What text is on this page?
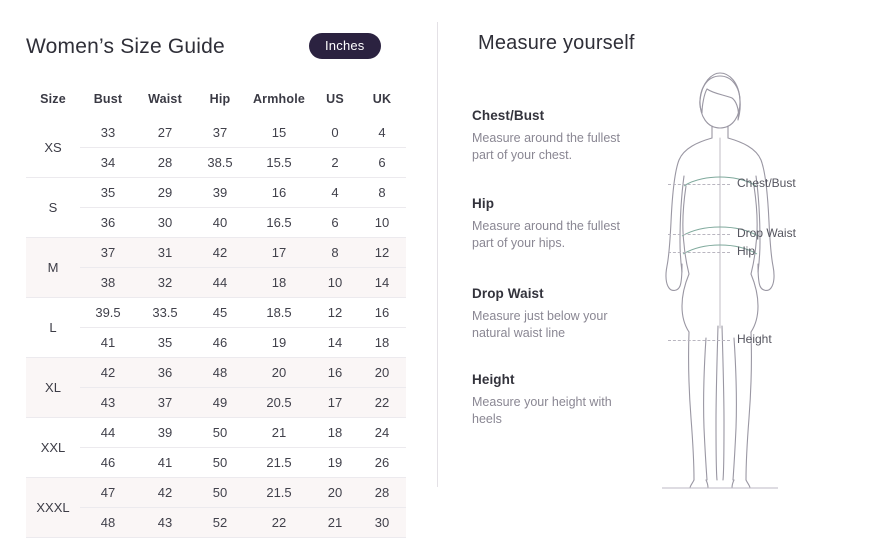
Women’s Size Guide	Inches
Size	Bust	Waist	Hip	Armhole	US	UK
XS	33	27	37	15	0	4
	34	28	38.5	15.5	2	6
S	35	29	39	16	4	8
	36	30	40	16.5	6	10
M	37	31	42	17	8	12
	38	32	44	18	10	14
L	39.5	33.5	45	18.5	12	16
	41	35	46	19	14	18
XL	42	36	48	20	16	20
	43	37	49	20.5	17	22
XXL	44	39	50	21	18	24
	46	41	50	21.5	19	26
XXXL	47	42	50	21.5	20	28
	48	43	52	22	21	30
Measure yourself
Chest/Bust

Measure around the fullest part of your chest.

Hip

Measure around the fullest part of your hips.

Drop Waist

Measure just below your natural waist line

Height

Measure your height with heels

Chest/Bust
Drop Waist
Hip
Height
